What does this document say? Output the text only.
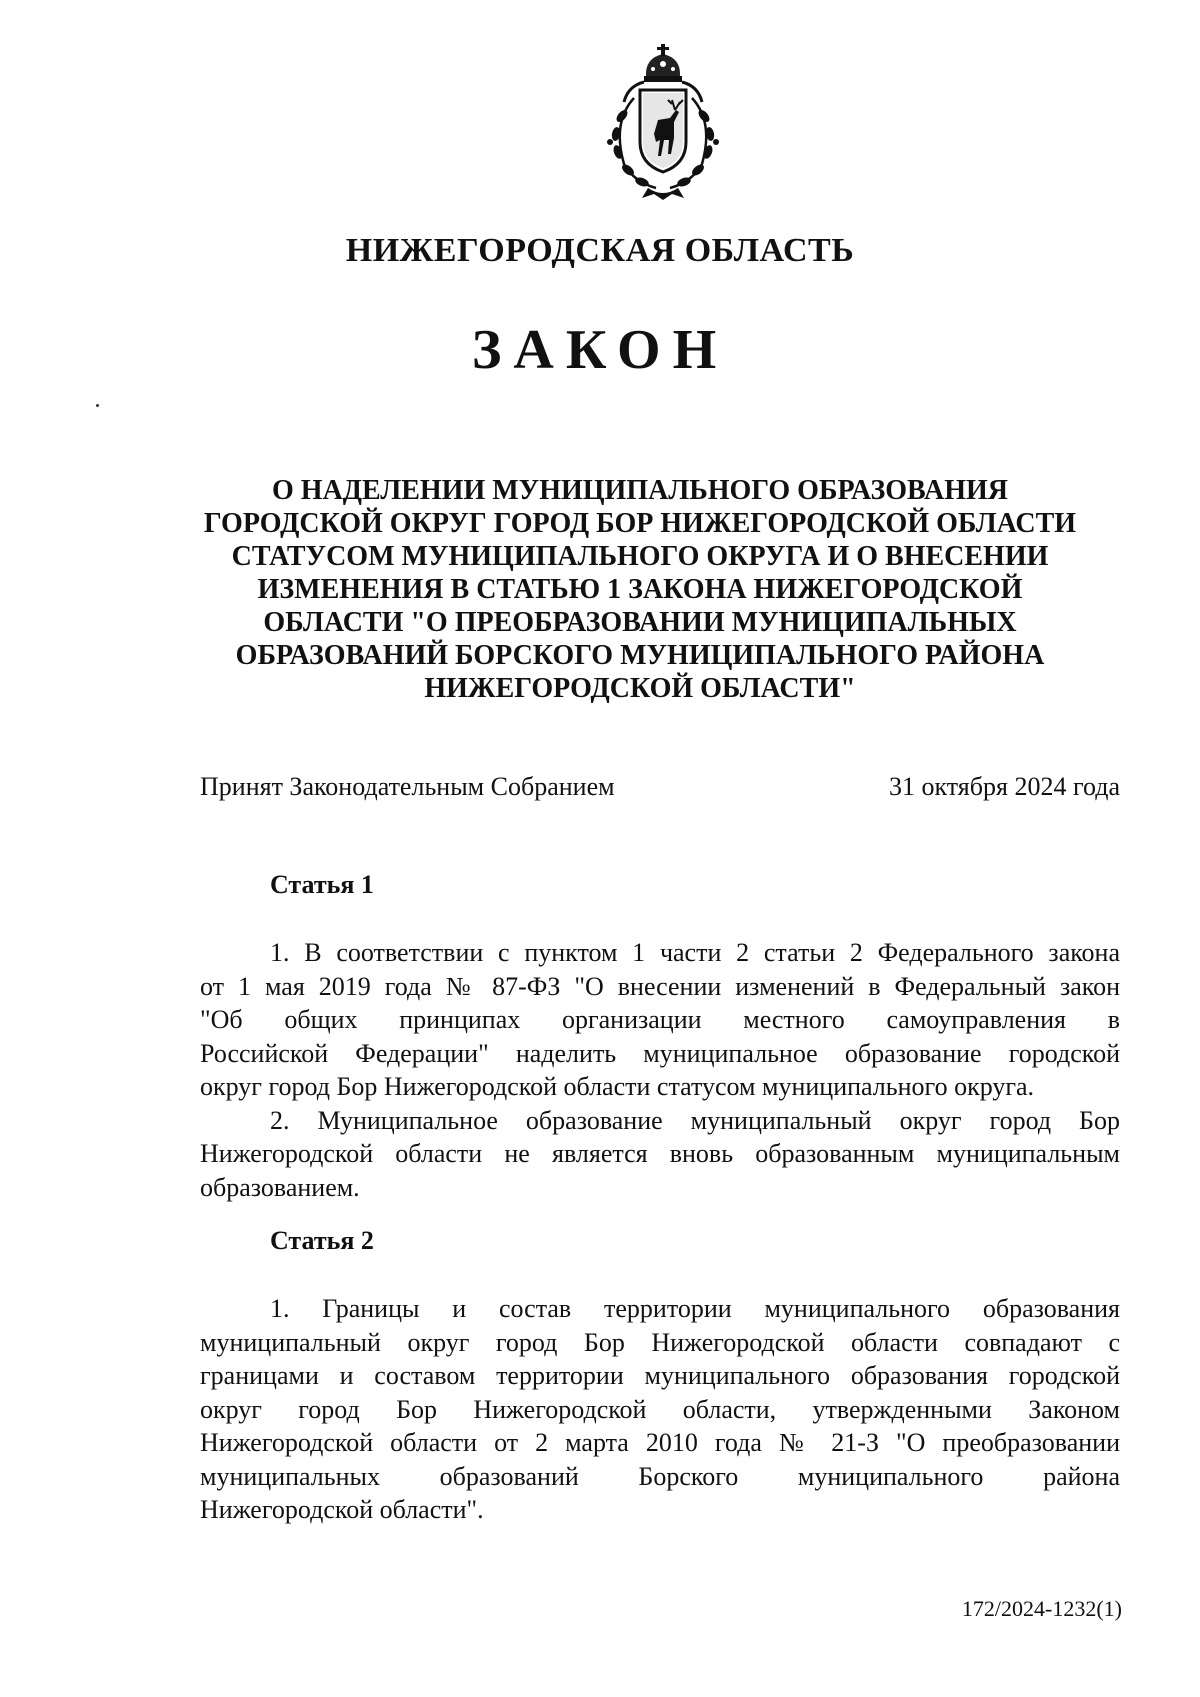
НИЖЕГОРОДСКАЯ ОБЛАСТЬ
ЗАКОН
О НАДЕЛЕНИИ МУНИЦИПАЛЬНОГО ОБРАЗОВАНИЯ
ГОРОДСКОЙ ОКРУГ ГОРОД БОР НИЖЕГОРОДСКОЙ ОБЛАСТИ
СТАТУСОМ МУНИЦИПАЛЬНОГО ОКРУГА И О ВНЕСЕНИИ
ИЗМЕНЕНИЯ В СТАТЬЮ 1 ЗАКОНА НИЖЕГОРОДСКОЙ
ОБЛАСТИ "О ПРЕОБРАЗОВАНИИ МУНИЦИПАЛЬНЫХ
ОБРАЗОВАНИЙ БОРСКОГО МУНИЦИПАЛЬНОГО РАЙОНА
НИЖЕГОРОДСКОЙ ОБЛАСТИ"
Принят Законодательным Собранием	31 октября 2024 года
Статья 1
1. В соответствии с пунктом 1 части 2 статьи 2 Федерального закона
от 1 мая 2019 года № 87-ФЗ "О внесении изменений в Федеральный закон
"Об общих принципах организации местного самоуправления в
Российской Федерации" наделить муниципальное образование городской
округ город Бор Нижегородской области статусом муниципального округа.
2. Муниципальное образование муниципальный округ город Бор
Нижегородской области не является вновь образованным муниципальным
образованием.
Статья 2
1. Границы и состав территории муниципального образования
муниципальный округ город Бор Нижегородской области совпадают с
границами и составом территории муниципального образования городской
округ город Бор Нижегородской области, утвержденными Законом
Нижегородской области от 2 марта 2010 года № 21-З "О преобразовании
муниципальных образований Борского муниципального района
Нижегородской области".
172/2024-1232(1)
